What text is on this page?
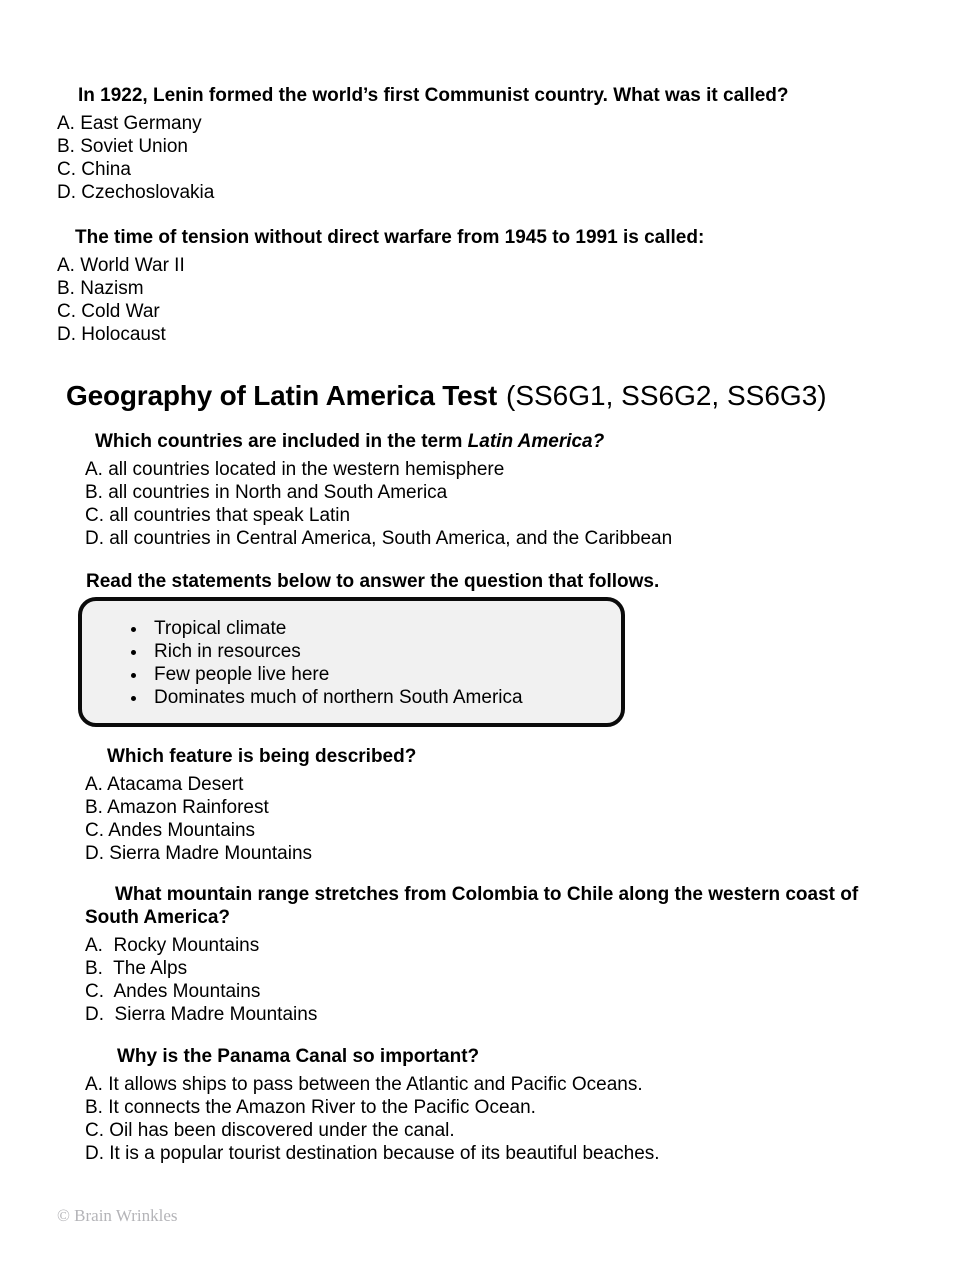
In 1922, Lenin formed the world’s first Communist country. What was it called?

A. East Germany
B. Soviet Union
C. China
D. Czechoslovakia

The time of tension without direct warfare from 1945 to 1991 is called:

A. World War II
B. Nazism
C. Cold War
D. Holocaust
Geography of Latin America Test (SS6G1, SS6G2, SS6G3)

Which countries are included in the term Latin America?

A. all countries located in the western hemisphere
B. all countries in North and South America
C. all countries that speak Latin
D. all countries in Central America, South America, and the Caribbean

Read the statements below to answer the question that follows.

• Tropical climate
• Rich in resources
• Few people live here
• Dominates much of northern South America

Which feature is being described?

A. Atacama Desert
B. Amazon Rainforest
C. Andes Mountains
D. Sierra Madre Mountains

What mountain range stretches from Colombia to Chile along the western coast of South America?

A.  Rocky Mountains
B.  The Alps
C.  Andes Mountains
D.  Sierra Madre Mountains

Why is the Panama Canal so important?

A. It allows ships to pass between the Atlantic and Pacific Oceans.
B. It connects the Amazon River to the Pacific Ocean.
C. Oil has been discovered under the canal.
D. It is a popular tourist destination because of its beautiful beaches.

© Brain Wrinkles
